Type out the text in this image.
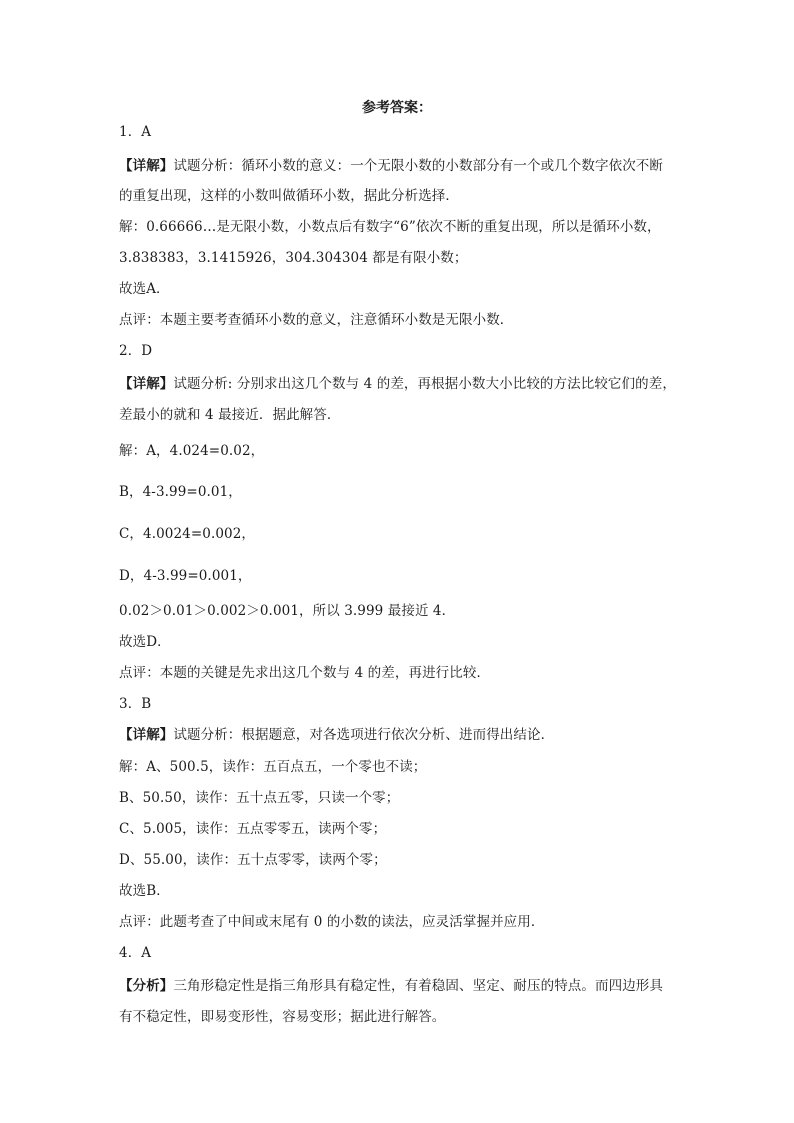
参考答案：

1．A

【详解】试题分析：循环小数的意义：一个无限小数的小数部分有一个或几个数字依次不断

的重复出现，这样的小数叫做循环小数，据此分析选择．

解：0.66666…是无限小数，小数点后有数字“6”依次不断的重复出现，所以是循环小数，

3.838383，3.1415926，304.304304 都是有限小数；

故选A．

点评：本题主要考查循环小数的意义，注意循环小数是无限小数．

2．D

【详解】试题分析: 分别求出这几个数与 4 的差，再根据小数大小比较的方法比较它们的差，

差最小的就和 4 最接近．据此解答．

解：A，4.024=0.02，

B，4-3.99=0.01，

C，4.0024=0.002，

D，4-3.99=0.001，

0.02＞0.01＞0.002＞0.001，所以 3.999 最接近 4．

故选D．

点评：本题的关键是先求出这几个数与 4 的差，再进行比较．

3．B

【详解】试题分析：根据题意，对各选项进行依次分析、进而得出结论．

解：A、500.5，读作：五百点五，一个零也不读；

B、50.50，读作：五十点五零，只读一个零；

C、5.005，读作：五点零零五，读两个零；

D、55.00，读作：五十点零零，读两个零；

故选B．

点评：此题考查了中间或末尾有 0 的小数的读法，应灵活掌握并应用．

4．A

【分析】三角形稳定性是指三角形具有稳定性，有着稳固、坚定、耐压的特点。而四边形具

有不稳定性，即易变形性，容易变形；据此进行解答。
